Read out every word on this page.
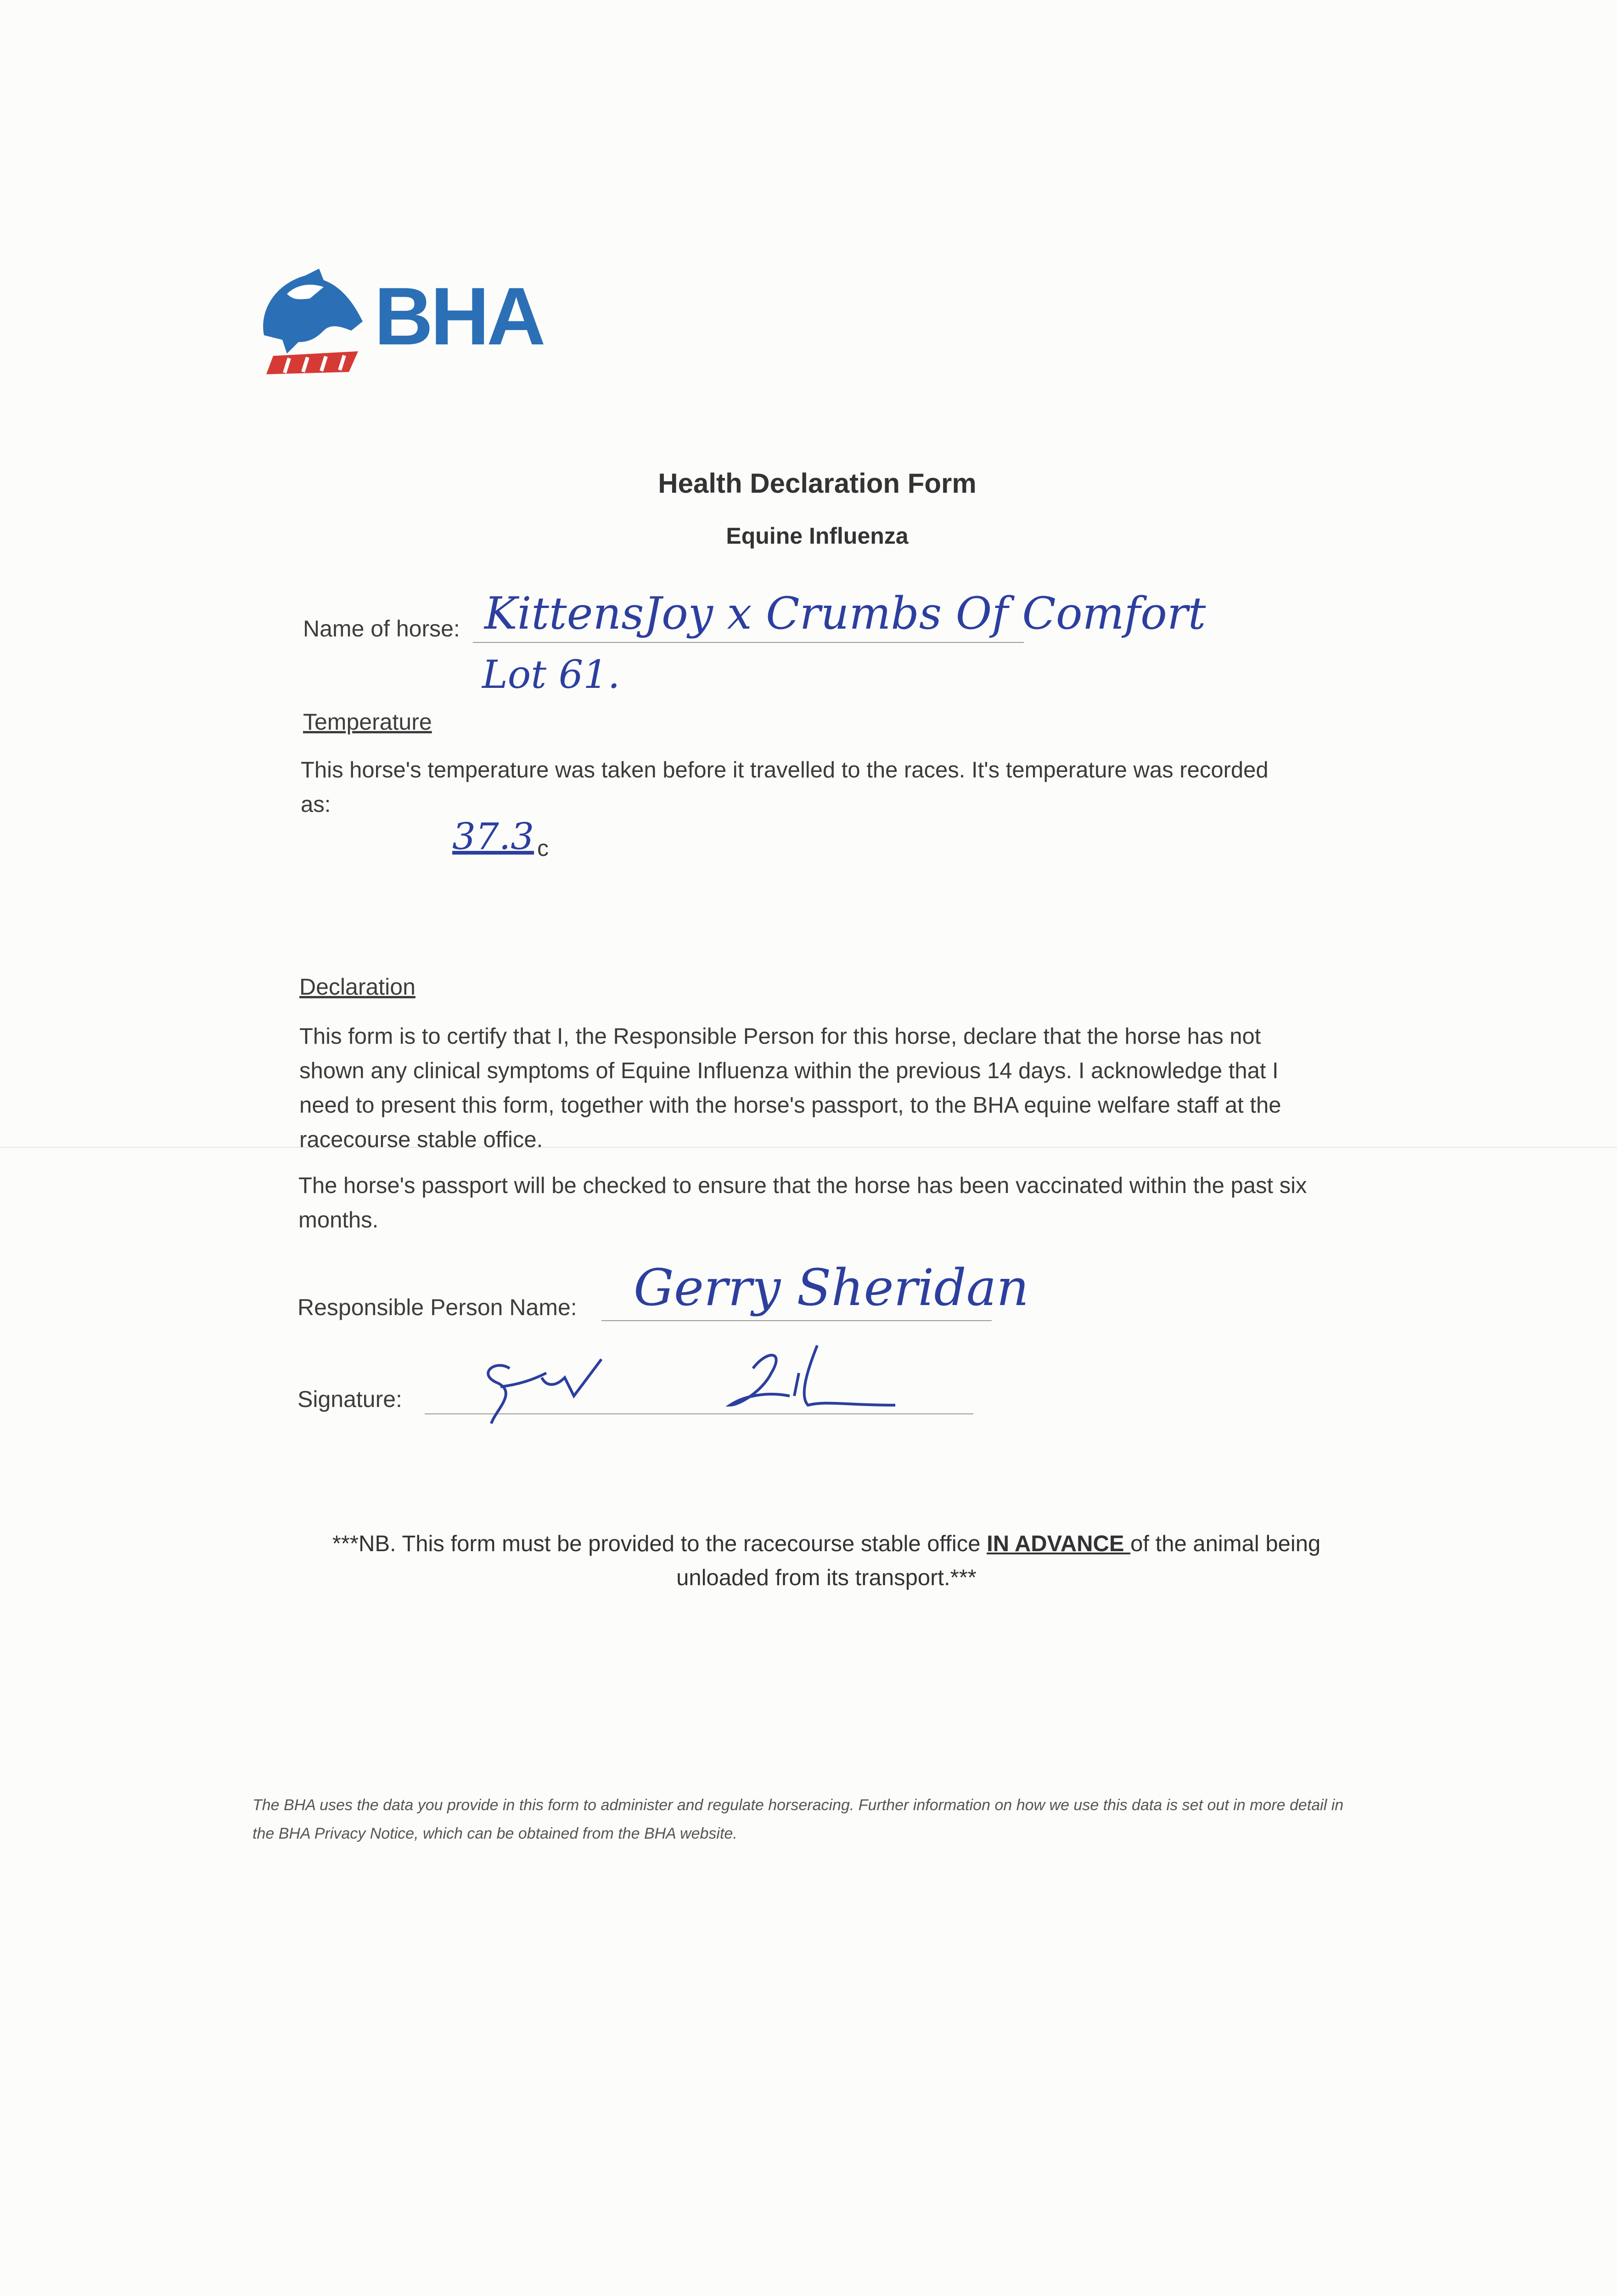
BHA
Health Declaration Form
Equine Influenza
Name of horse: KittensJoy x Crumbs Of Comfort
Lot 61.
Temperature
This horse's temperature was taken before it travelled to the races. It's temperature was recorded as:
37.3 c
Declaration
This form is to certify that I, the Responsible Person for this horse, declare that the horse has not shown any clinical symptoms of Equine Influenza within the previous 14 days. I acknowledge that I need to present this form, together with the horse's passport, to the BHA equine welfare staff at the racecourse stable office.
The horse's passport will be checked to ensure that the horse has been vaccinated within the past six months.
Responsible Person Name: Gerry Sheridan
Signature:
***NB. This form must be provided to the racecourse stable office IN ADVANCE of the animal being unloaded from its transport.***
The BHA uses the data you provide in this form to administer and regulate horseracing. Further information on how we use this data is set out in more detail in the BHA Privacy Notice, which can be obtained from the BHA website.
